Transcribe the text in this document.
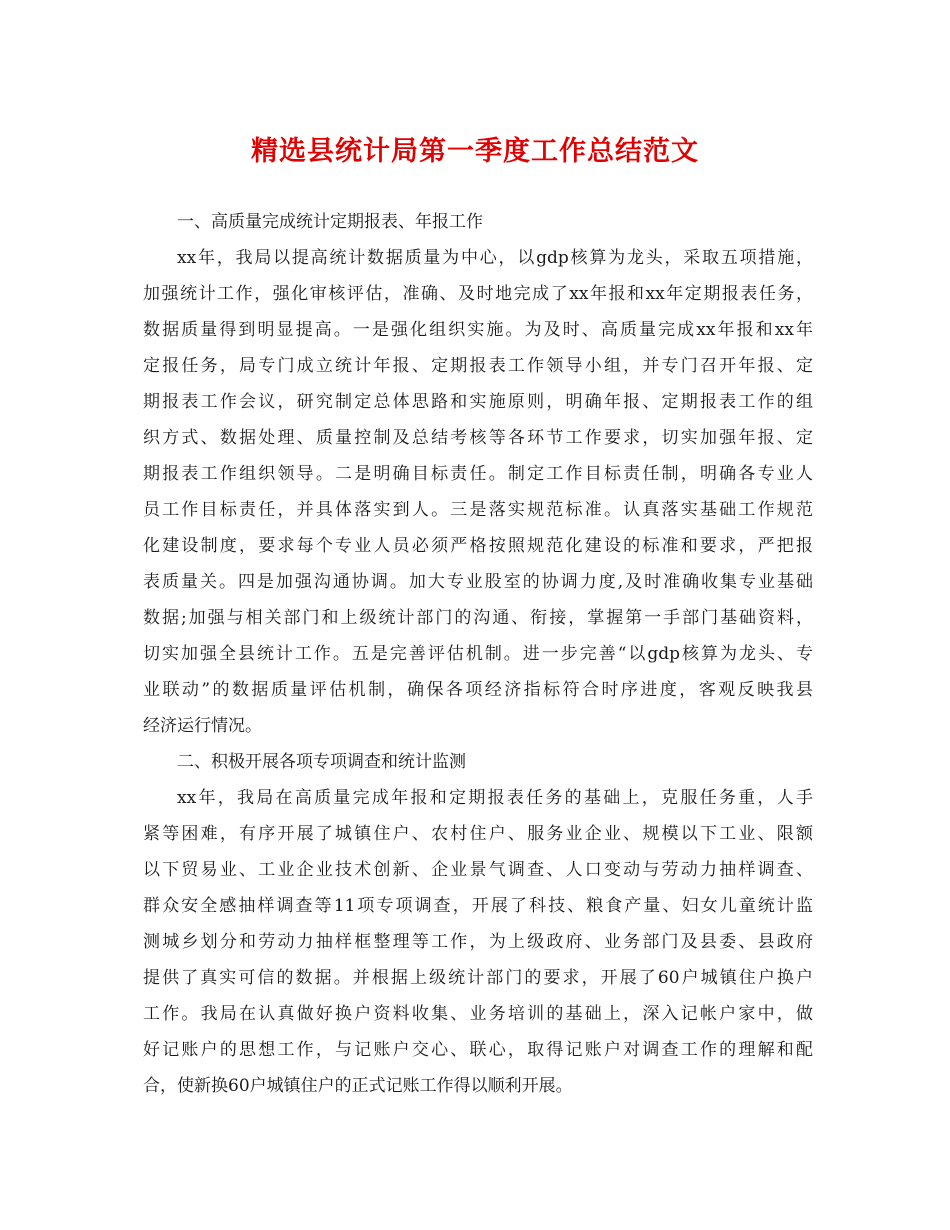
精选县统计局第一季度工作总结范文
一、高质量完成统计定期报表、年报工作
xx年，我局以提高统计数据质量为中心，以gdp核算为龙头，采取五项措施，
加强统计工作，强化审核评估，准确、及时地完成了xx年报和xx年定期报表任务，
数据质量得到明显提高。一是强化组织实施。为及时、高质量完成xx年报和xx年
定报任务，局专门成立统计年报、定期报表工作领导小组，并专门召开年报、定
期报表工作会议，研究制定总体思路和实施原则，明确年报、定期报表工作的组
织方式、数据处理、质量控制及总结考核等各环节工作要求，切实加强年报、定
期报表工作组织领导。二是明确目标责任。制定工作目标责任制，明确各专业人
员工作目标责任，并具体落实到人。三是落实规范标准。认真落实基础工作规范
化建设制度，要求每个专业人员必须严格按照规范化建设的标准和要求，严把报
表质量关。四是加强沟通协调。加大专业股室的协调力度,及时准确收集专业基础
数据;加强与相关部门和上级统计部门的沟通、衔接，掌握第一手部门基础资料，
切实加强全县统计工作。五是完善评估机制。进一步完善“以gdp核算为龙头、专
业联动”的数据质量评估机制，确保各项经济指标符合时序进度，客观反映我县
经济运行情况。
二、积极开展各项专项调查和统计监测
xx年，我局在高质量完成年报和定期报表任务的基础上，克服任务重，人手
紧等困难，有序开展了城镇住户、农村住户、服务业企业、规模以下工业、限额
以下贸易业、工业企业技术创新、企业景气调查、人口变动与劳动力抽样调查、
群众安全感抽样调查等11项专项调查，开展了科技、粮食产量、妇女儿童统计监
测城乡划分和劳动力抽样框整理等工作，为上级政府、业务部门及县委、县政府
提供了真实可信的数据。并根据上级统计部门的要求，开展了60户城镇住户换户
工作。我局在认真做好换户资料收集、业务培训的基础上，深入记帐户家中，做
好记账户的思想工作，与记账户交心、联心，取得记账户对调查工作的理解和配
合，使新换60户城镇住户的正式记账工作得以顺利开展。
